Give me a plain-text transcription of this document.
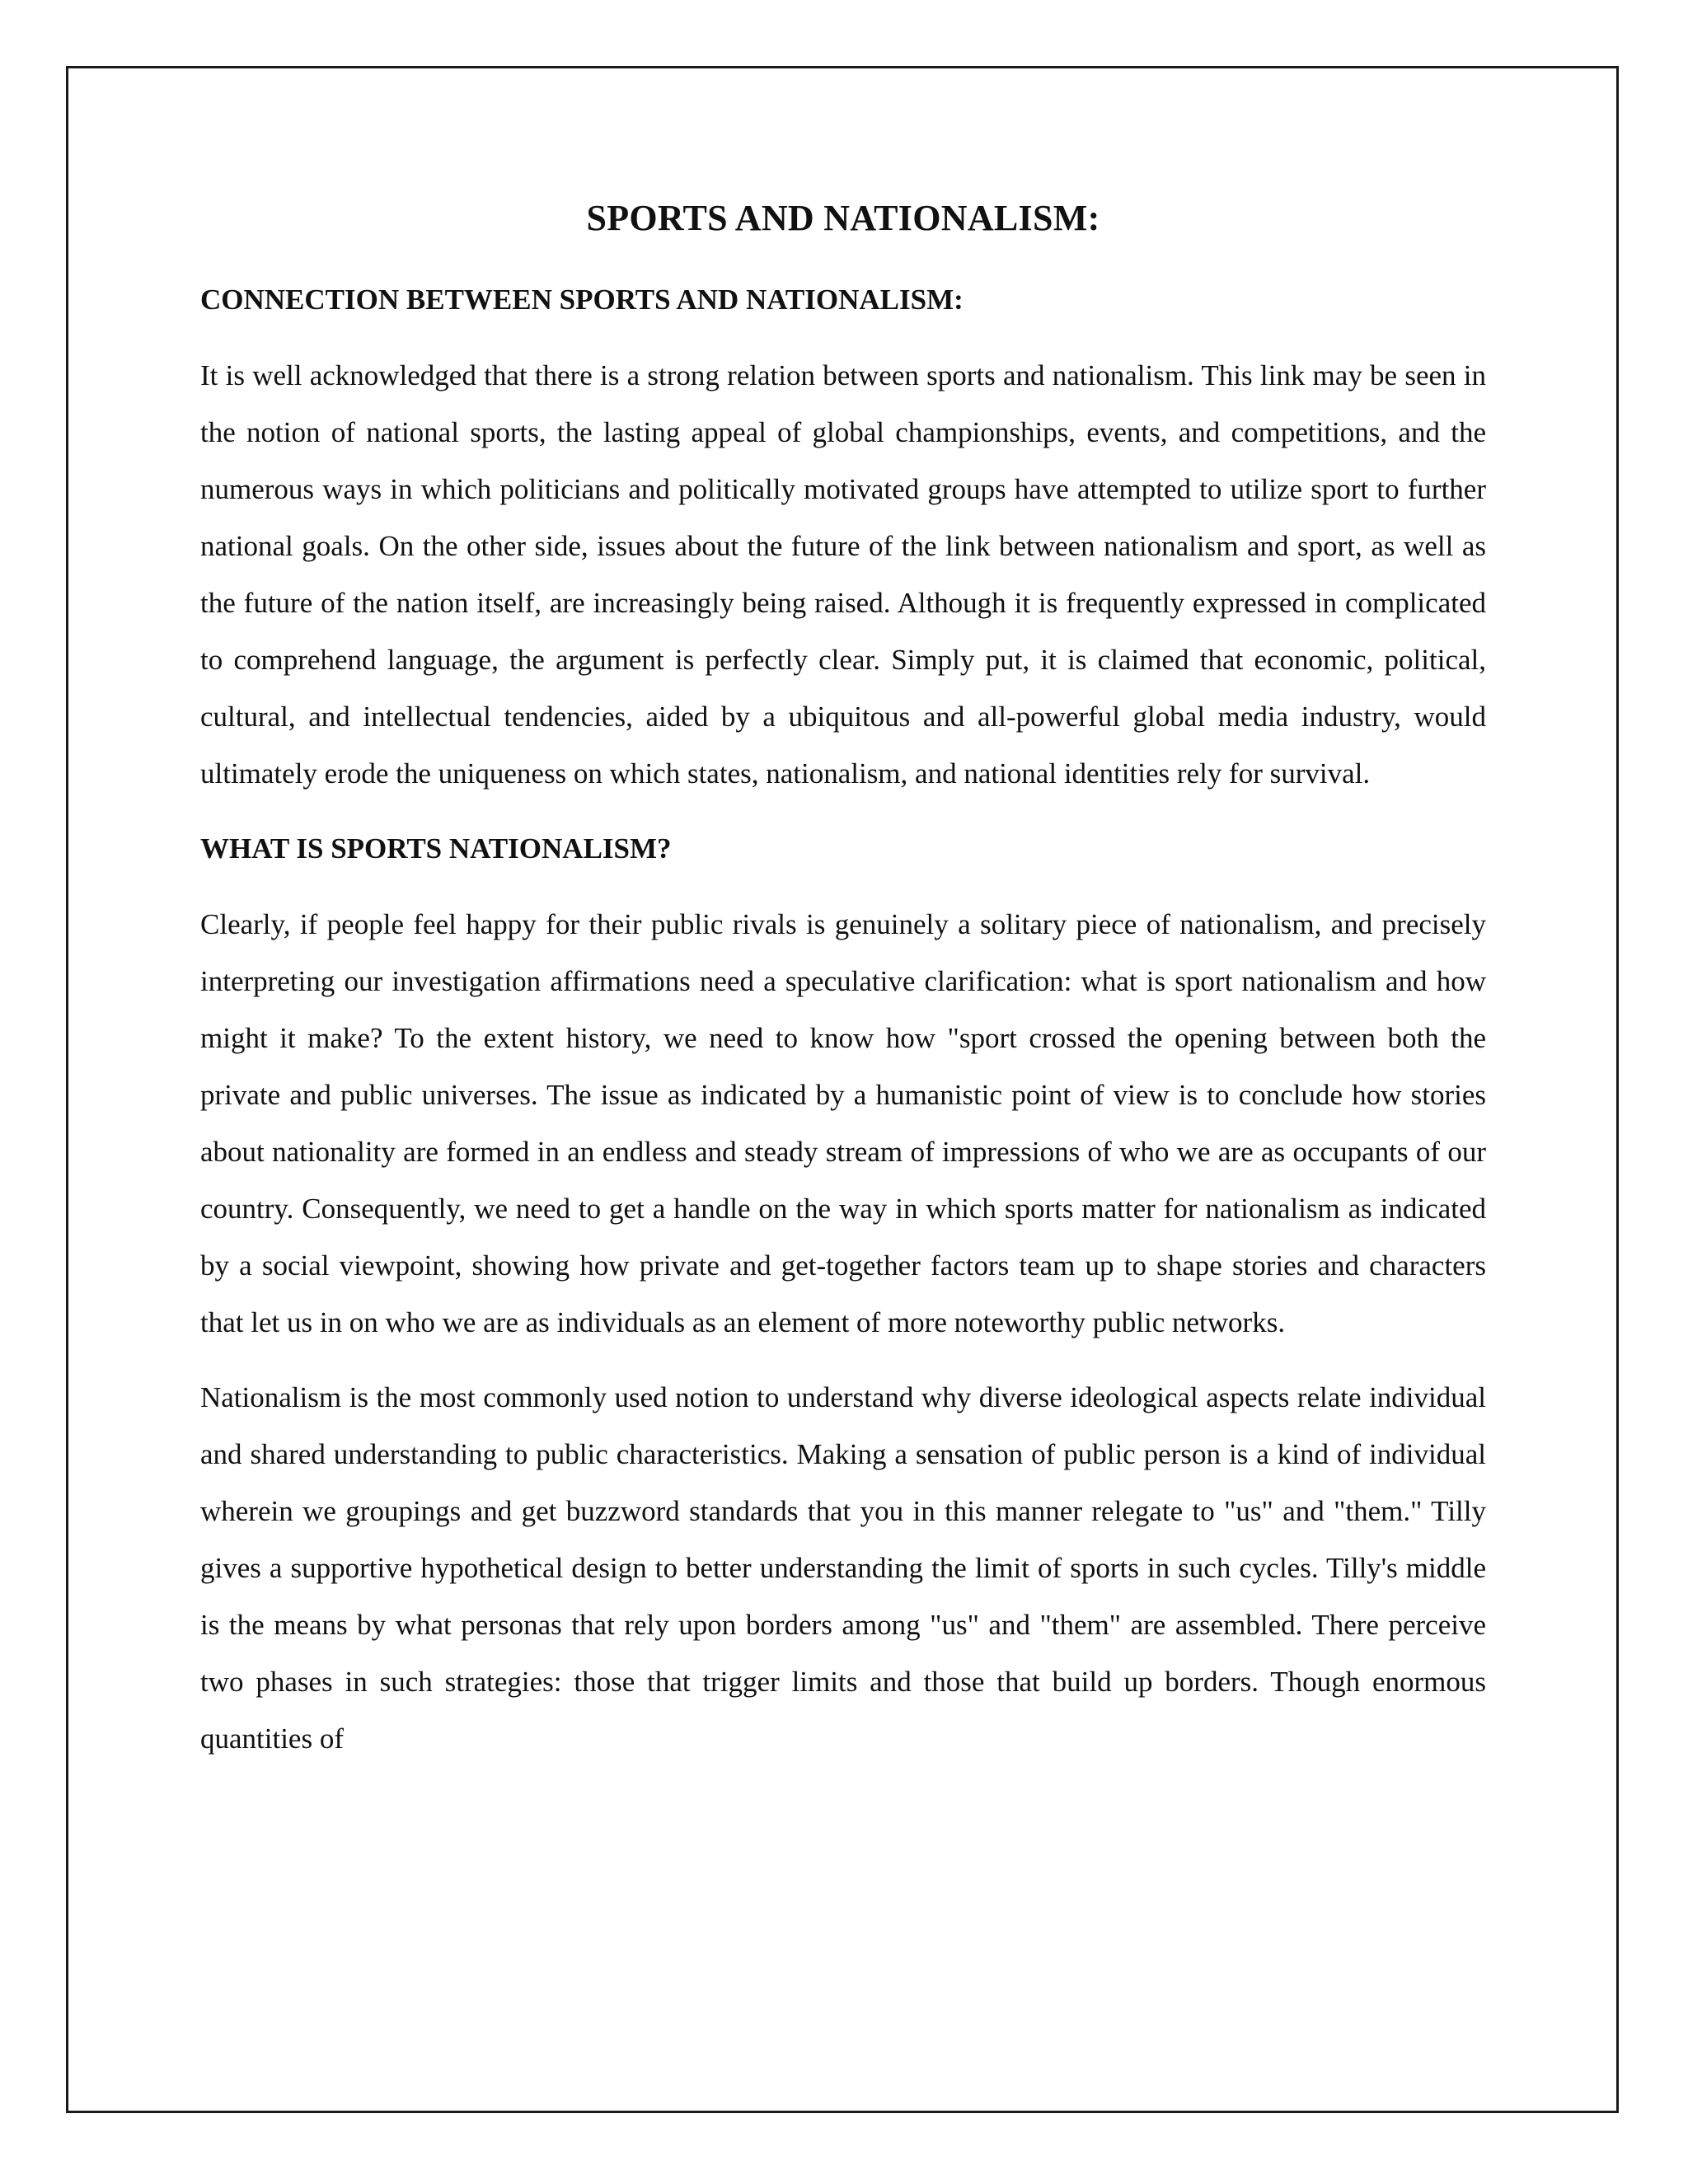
SPORTS AND NATIONALISM:
CONNECTION BETWEEN SPORTS AND NATIONALISM:

It is well acknowledged that there is a strong relation between sports and nationalism. This link may be seen in the notion of national sports, the lasting appeal of global championships, events, and competitions, and the numerous ways in which politicians and politically motivated groups have attempted to utilize sport to further national goals. On the other side, issues about the future of the link between nationalism and sport, as well as the future of the nation itself, are increasingly being raised. Although it is frequently expressed in complicated to comprehend language, the argument is perfectly clear. Simply put, it is claimed that economic, political, cultural, and intellectual tendencies, aided by a ubiquitous and all-powerful global media industry, would ultimately erode the uniqueness on which states, nationalism, and national identities rely for survival.

WHAT IS SPORTS NATIONALISM?

Clearly, if people feel happy for their public rivals is genuinely a solitary piece of nationalism, and precisely interpreting our investigation affirmations need a speculative clarification: what is sport nationalism and how might it make? To the extent history, we need to know how "sport crossed the opening between both the private and public universes. The issue as indicated by a humanistic point of view is to conclude how stories about nationality are formed in an endless and steady stream of impressions of who we are as occupants of our country. Consequently, we need to get a handle on the way in which sports matter for nationalism as indicated by a social viewpoint, showing how private and get-together factors team up to shape stories and characters that let us in on who we are as individuals as an element of more noteworthy public networks.

Nationalism is the most commonly used notion to understand why diverse ideological aspects relate individual and shared understanding to public characteristics. Making a sensation of public person is a kind of individual wherein we groupings and get buzzword standards that you in this manner relegate to "us" and "them." Tilly gives a supportive hypothetical design to better understanding the limit of sports in such cycles. Tilly's middle is the means by what personas that rely upon borders among "us" and "them" are assembled. There perceive two phases in such strategies: those that trigger limits and those that build up borders. Though enormous quantities of
